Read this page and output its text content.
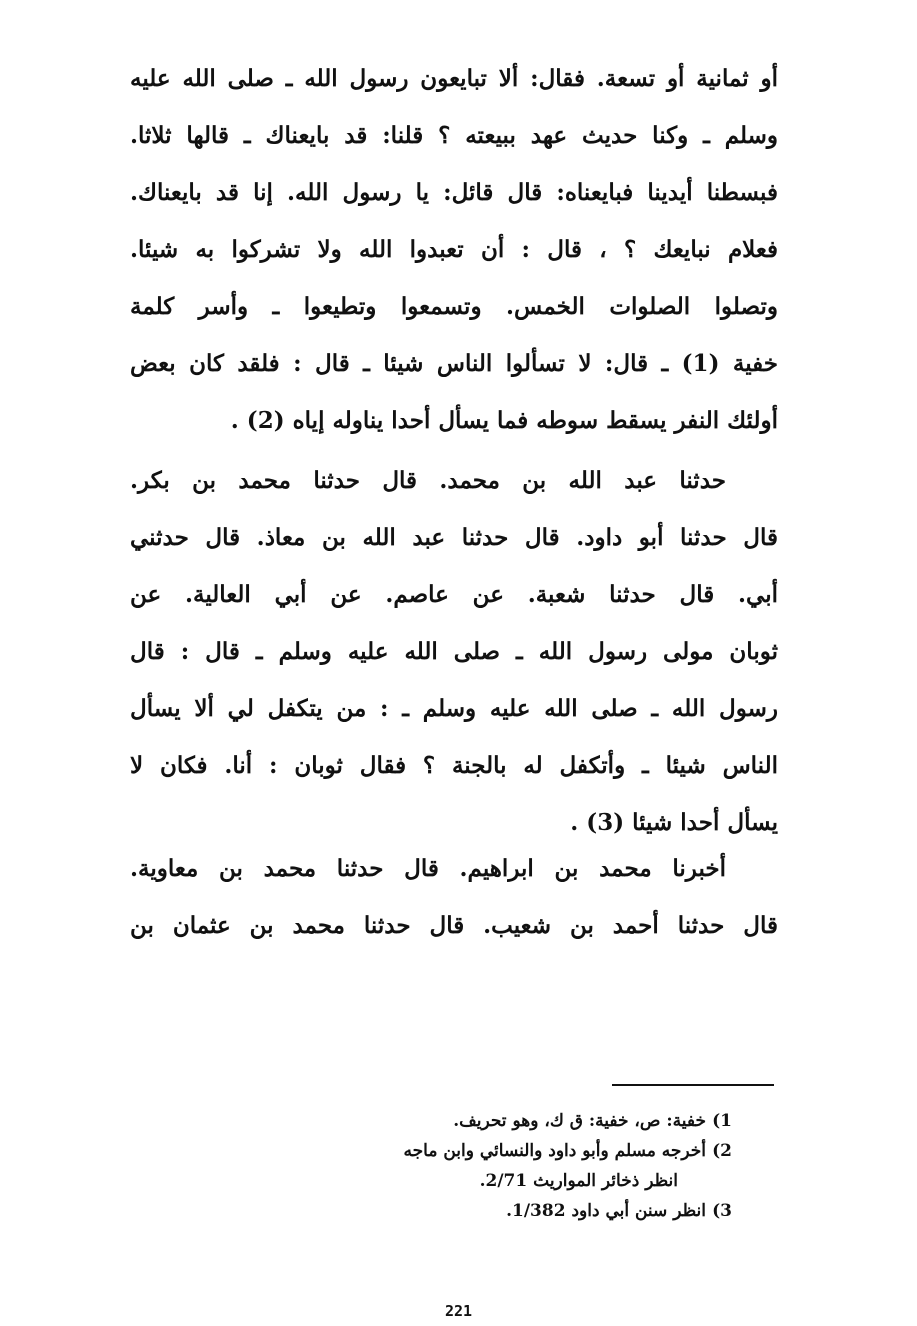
أو ثمانية أو تسعة. فقال: ألا تبايعون رسول الله ـ صلى الله عليه
وسلم ـ وكنا حديث عهد ببيعته ؟ قلنا: قد بايعناك ـ قالها ثلاثا.
فبسطنا أيدينا فبايعناه: قال قائل: يا رسول الله. إنا قد بايعناك.
فعلام نبايعك ؟ ، قال : أن تعبدوا الله ولا تشركوا به شيئا.
وتصلوا الصلوات الخمس. وتسمعوا وتطيعوا ـ وأسر كلمة
خفية (1) ـ قال: لا تسألوا الناس شيئا ـ قال : فلقد كان بعض
أولئك النفر يسقط سوطه فما يسأل أحدا يناوله إياه (2) .
حدثنا عبد الله بن محمد. قال حدثنا محمد بن بكر.
قال حدثنا أبو داود. قال حدثنا عبد الله بن معاذ. قال حدثني
أبي. قال حدثنا شعبة. عن عاصم. عن أبي العالية. عن
ثوبان مولى رسول الله ـ صلى الله عليه وسلم ـ قال : قال
رسول الله ـ صلى الله عليه وسلم ـ : من يتكفل لي ألا يسأل
الناس شيئا ـ وأتكفل له بالجنة ؟ فقال ثوبان : أنا. فكان لا
يسأل أحدا شيئا (3) .
أخبرنا محمد بن ابراهيم. قال حدثنا محمد بن معاوية.
قال حدثنا أحمد بن شعيب. قال حدثنا محمد بن عثمان بن
1)
خفية: ص، خفية: ق ك، وهو تحريف.
2)
أخرجه مسلم وأبو داود والنسائي وابن ماجه
انظر ذخائر المواريث 2/71.
3)
انظر سنن أبي داود 1/382.
221
